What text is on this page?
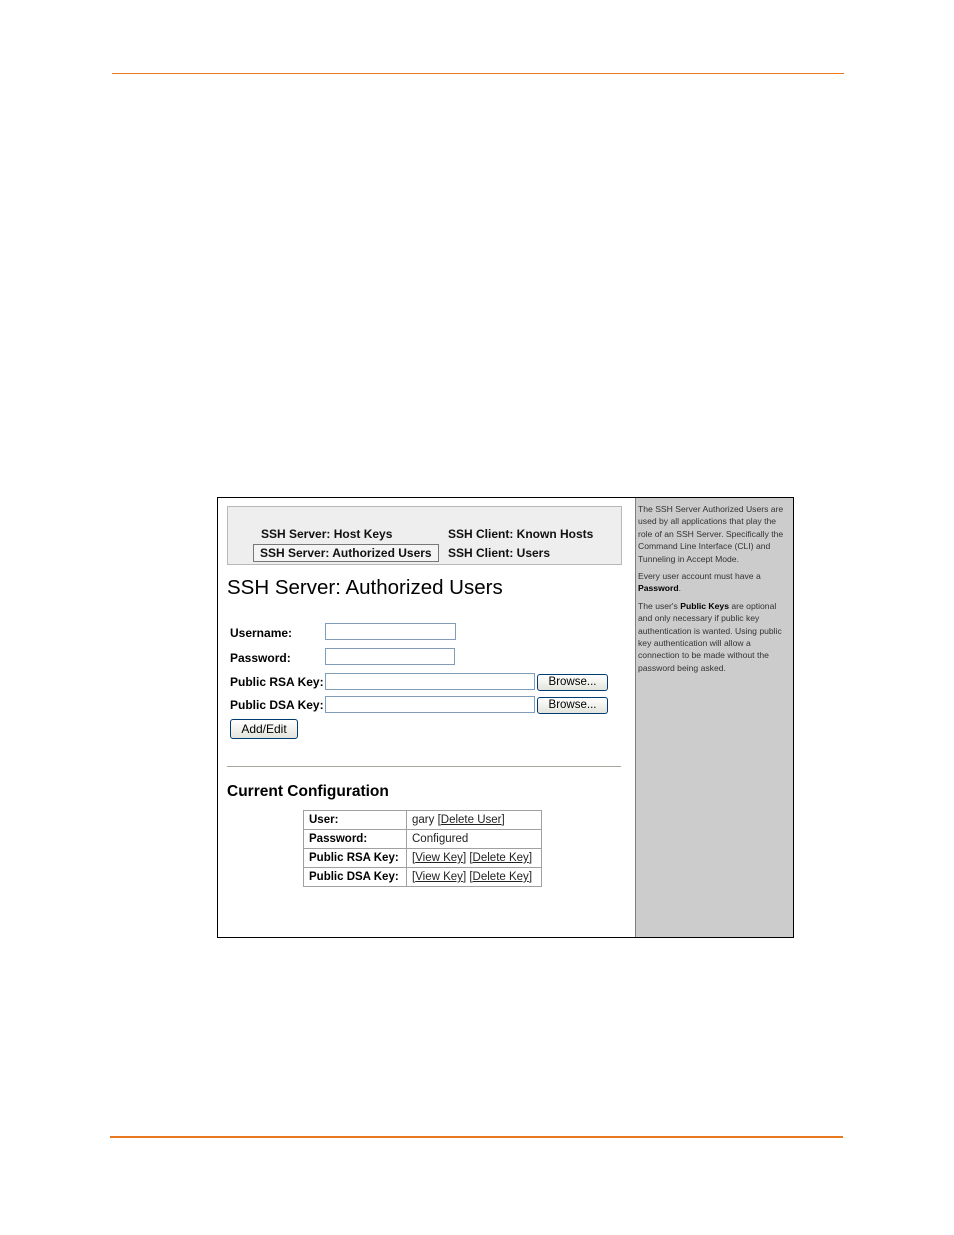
SSH Server: Host Keys	SSH Client: Known Hosts
SSH Server: Authorized Users	SSH Client: Users
SSH Server: Authorized Users
Username:
Password:
Public RSA Key:	Browse...
Public DSA Key:	Browse...
Add/Edit
Current Configuration
User:	gary [Delete User]
Password:	Configured
Public RSA Key:	[View Key] [Delete Key]
Public DSA Key:	[View Key] [Delete Key]

The SSH Server Authorized Users are used by all applications that play the role of an SSH Server. Specifically the Command Line Interface (CLI) and Tunneling in Accept Mode.

Every user account must have a Password.

The user's Public Keys are optional and only necessary if public key authentication is wanted. Using public key authentication will allow a connection to be made without the password being asked.
